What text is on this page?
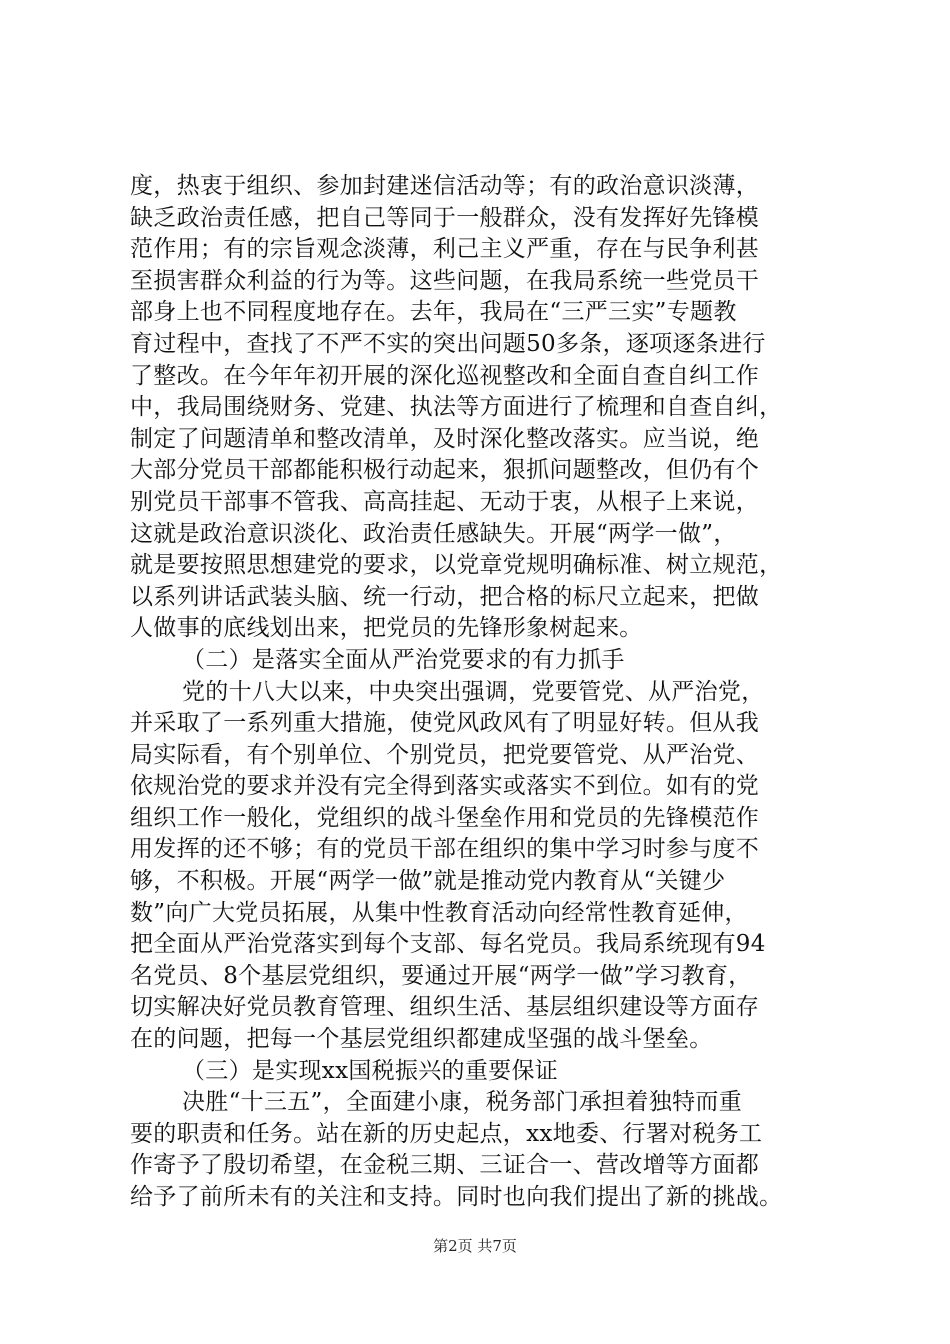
度，热衷于组织、参加封建迷信活动等；有的政治意识淡薄，
缺乏政治责任感，把自己等同于一般群众，没有发挥好先锋模
范作用；有的宗旨观念淡薄，利己主义严重，存在与民争利甚
至损害群众利益的行为等。这些问题，在我局系统一些党员干
部身上也不同程度地存在。去年，我局在“三严三实”专题教
育过程中，查找了不严不实的突出问题50多条，逐项逐条进行
了整改。在今年年初开展的深化巡视整改和全面自查自纠工作
中，我局围绕财务、党建、执法等方面进行了梳理和自查自纠，
制定了问题清单和整改清单，及时深化整改落实。应当说，绝
大部分党员干部都能积极行动起来，狠抓问题整改，但仍有个
别党员干部事不管我、高高挂起、无动于衷，从根子上来说，
这就是政治意识淡化、政治责任感缺失。开展“两学一做”，
就是要按照思想建党的要求，以党章党规明确标准、树立规范，
以系列讲话武装头脑、统一行动，把合格的标尺立起来，把做
人做事的底线划出来，把党员的先锋形象树起来。
（二）是落实全面从严治党要求的有力抓手
党的十八大以来，中央突出强调，党要管党、从严治党，
并采取了一系列重大措施，使党风政风有了明显好转。但从我
局实际看，有个别单位、个别党员，把党要管党、从严治党、
依规治党的要求并没有完全得到落实或落实不到位。如有的党
组织工作一般化，党组织的战斗堡垒作用和党员的先锋模范作
用发挥的还不够；有的党员干部在组织的集中学习时参与度不
够，不积极。开展“两学一做”就是推动党内教育从“关键少
数”向广大党员拓展，从集中性教育活动向经常性教育延伸，
把全面从严治党落实到每个支部、每名党员。我局系统现有94
名党员、8个基层党组织，要通过开展“两学一做”学习教育，
切实解决好党员教育管理、组织生活、基层组织建设等方面存
在的问题，把每一个基层党组织都建成坚强的战斗堡垒。
（三）是实现xx国税振兴的重要保证
决胜“十三五”，全面建小康，税务部门承担着独特而重
要的职责和任务。站在新的历史起点，xx地委、行署对税务工
作寄予了殷切希望，在金税三期、三证合一、营改增等方面都
给予了前所未有的关注和支持。同时也向我们提出了新的挑战。
第2页 共7页
